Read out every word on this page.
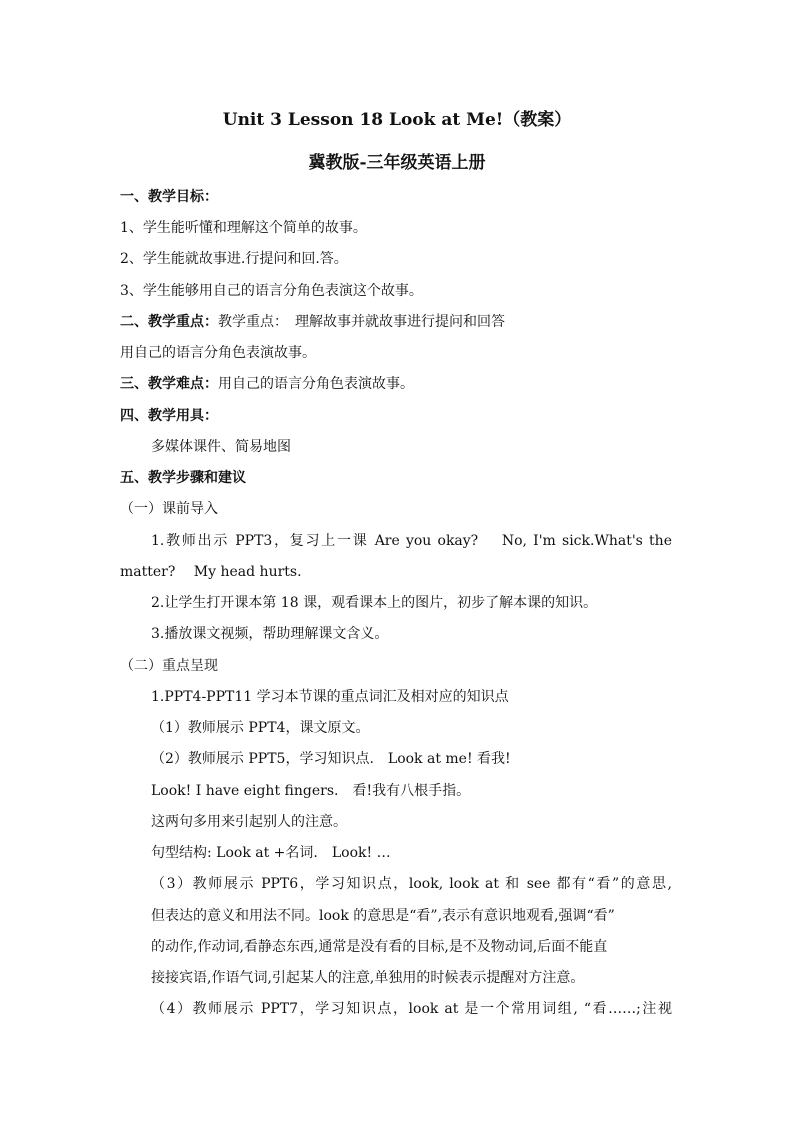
Unit 3 Lesson 18 Look at Me!（教案）
冀教版-三年级英语上册
一、教学目标：
1、学生能听懂和理解这个简单的故事。
2、学生能就故事进.行提问和回.答。
3、学生能够用自己的语言分角色表演这个故事。
二、教学重点：教学重点：　理解故事并就故事进行提问和回答
用自己的语言分角色表演故事。
三、教学难点：用自己的语言分角色表演故事。
四、教学用具：
多媒体课件、简易地图
五、教学步骤和建议
（一）课前导入
1.教师出示 PPT3，复习上一课 Are you okay?　 No, I'm sick.What's the
matter?　 My head hurts.
2.让学生打开课本第 18 课，观看课本上的图片，初步了解本课的知识。
3.播放课文视频，帮助理解课文含义。
（二）重点呈现
1.PPT4-PPT11 学习本节课的重点词汇及相对应的知识点
（1）教师展示 PPT4，课文原文。
（2）教师展示 PPT5，学习知识点.　Look at me! 看我!
Look! I have eight fingers.　看!我有八根手指。
这两句多用来引起别人的注意。
句型结构: Look at +名词.　Look! …
（3）教师展示 PPT6，学习知识点，look, look at 和 see 都有“看”的意思,
但表达的意义和用法不同。look 的意思是“看”,表示有意识地观看,强调“看”
的动作,作动词,看静态东西,通常是没有看的目标,是不及物动词,后面不能直
接接宾语,作语气词,引起某人的注意,单独用的时候表示提醒对方注意。
（4）教师展示 PPT7，学习知识点，look at 是一个常用词组, “看……;注视
